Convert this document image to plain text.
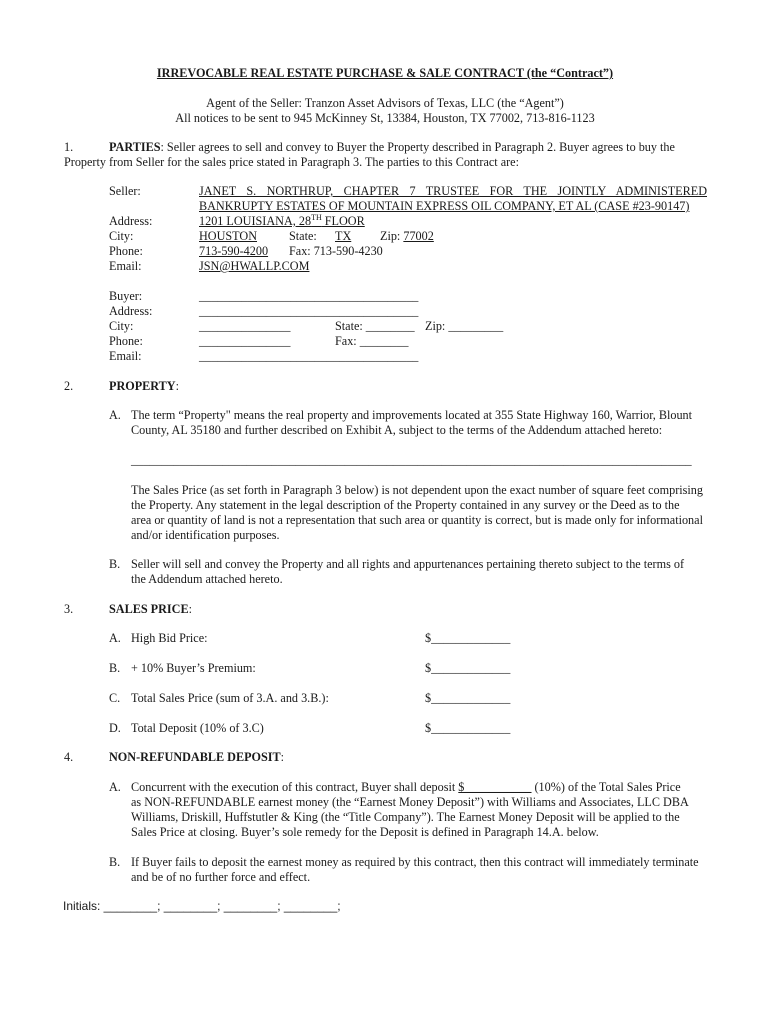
IRREVOCABLE REAL ESTATE PURCHASE & SALE CONTRACT (the “Contract”)
Agent of the Seller: Tranzon Asset Advisors of Texas, LLC (the “Agent”)
All notices to be sent to 945 McKinney St, 13384, Houston, TX 77002, 713-816-1123
1.	PARTIES: Seller agrees to sell and convey to Buyer the Property described in Paragraph 2. Buyer agrees to buy the
Property from Seller for the sales price stated in Paragraph 3. The parties to this Contract are:
Seller:	JANET S. NORTHRUP, CHAPTER 7 TRUSTEE FOR THE JOINTLY ADMINISTERED
BANKRUPTY ESTATES OF MOUNTAIN EXPRESS OIL COMPANY, ET AL (CASE #23-90147)
Address:	1201 LOUISIANA, 28TH FLOOR
City:	HOUSTON	State: TX Zip: 77002
Phone:	713-590-4200 Fax: 713-590-4230
Email:	JSN@HWALLP.COM
Buyer:	____________________________________
Address:	____________________________________
City:	_______________	State: ________ Zip: _________
Phone:	_______________	Fax: ________
Email:	____________________________________
2.	PROPERTY:
A. The term “Property" means the real property and improvements located at 355 State Highway 160, Warrior, Blount
County, AL 35180 and further described on Exhibit A, subject to the terms of the Addendum attached hereto:
____________________________________________________________________________________________
The Sales Price (as set forth in Paragraph 3 below) is not dependent upon the exact number of square feet comprising
the Property. Any statement in the legal description of the Property contained in any survey or the Deed as to the
area or quantity of land is not a representation that such area or quantity is correct, but is made only for informational
and/or identification purposes.
B. Seller will sell and convey the Property and all rights and appurtenances pertaining thereto subject to the terms of
the Addendum attached hereto.
3.	SALES PRICE:
A. High Bid Price:	$_____________
B. + 10% Buyer’s Premium:	$_____________
C. Total Sales Price (sum of 3.A. and 3.B.):	$_____________
D. Total Deposit (10% of 3.C)	$_____________
4.	NON-REFUNDABLE DEPOSIT:
A. Concurrent with the execution of this contract, Buyer shall deposit $___________ (10%) of the Total Sales Price
as NON-REFUNDABLE earnest money (the “Earnest Money Deposit”) with Williams and Associates, LLC DBA
Williams, Driskill, Huffstutler & King (the “Title Company”). The Earnest Money Deposit will be applied to the
Sales Price at closing. Buyer’s sole remedy for the Deposit is defined in Paragraph 14.A. below.
B. If Buyer fails to deposit the earnest money as required by this contract, then this contract will immediately terminate
and be of no further force and effect.
Initials: ________; ________; ________; ________;
